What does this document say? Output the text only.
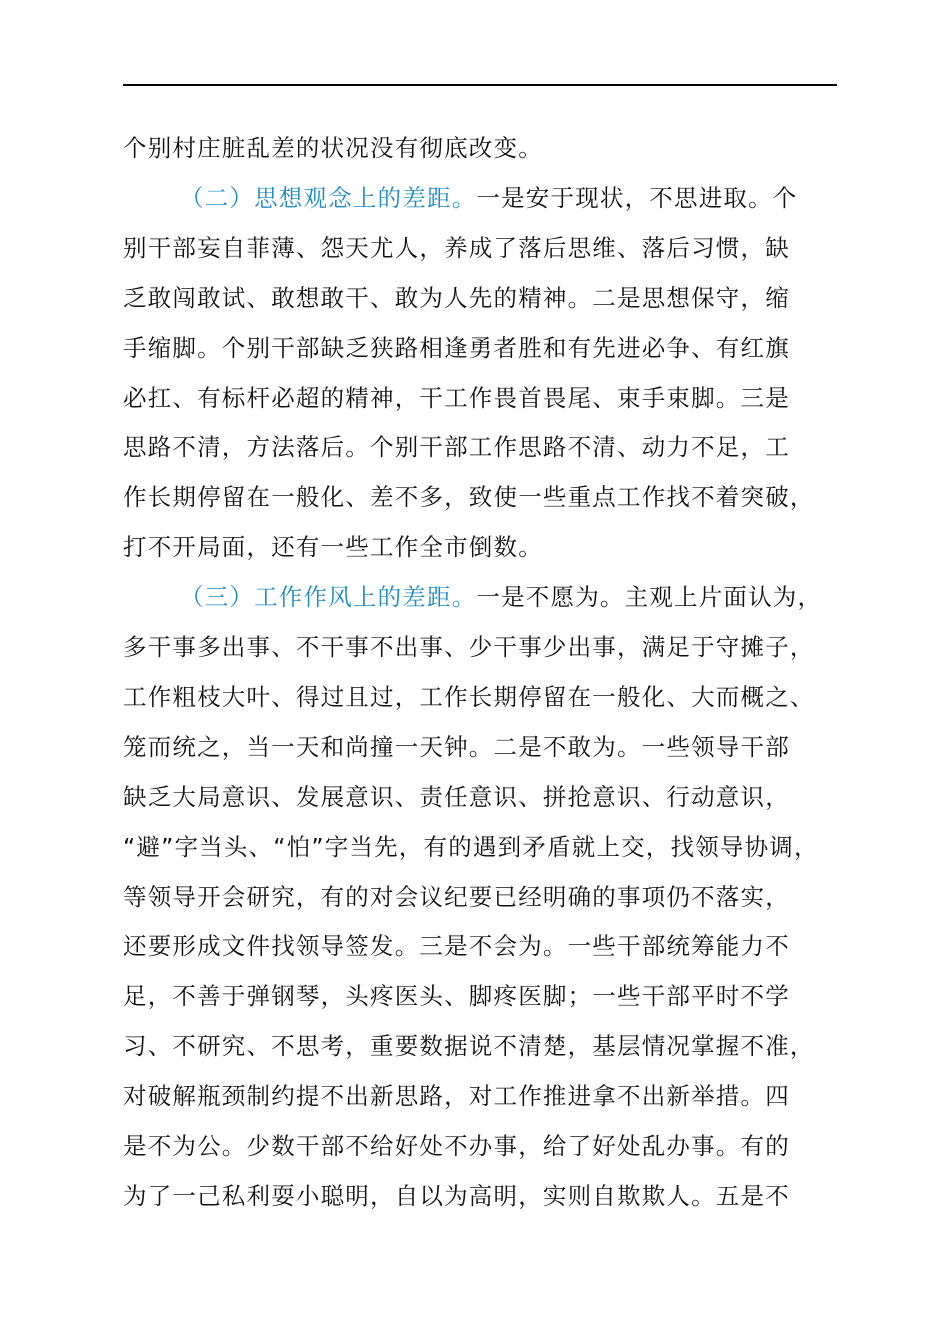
个别村庄脏乱差的状况没有彻底改变。
（二）思想观念上的差距。一是安于现状，不思进取。个
别干部妄自菲薄、怨天尤人，养成了落后思维、落后习惯，缺
乏敢闯敢试、敢想敢干、敢为人先的精神。二是思想保守，缩
手缩脚。个别干部缺乏狭路相逢勇者胜和有先进必争、有红旗
必扛、有标杆必超的精神，干工作畏首畏尾、束手束脚。三是
思路不清，方法落后。个别干部工作思路不清、动力不足，工
作长期停留在一般化、差不多，致使一些重点工作找不着突破，
打不开局面，还有一些工作全市倒数。
（三）工作作风上的差距。一是不愿为。主观上片面认为，
多干事多出事、不干事不出事、少干事少出事，满足于守摊子，
工作粗枝大叶、得过且过，工作长期停留在一般化、大而概之、
笼而统之，当一天和尚撞一天钟。二是不敢为。一些领导干部
缺乏大局意识、发展意识、责任意识、拼抢意识、行动意识，
“避”字当头、“怕”字当先，有的遇到矛盾就上交，找领导协调，
等领导开会研究，有的对会议纪要已经明确的事项仍不落实，
还要形成文件找领导签发。三是不会为。一些干部统筹能力不
足，不善于弹钢琴，头疼医头、脚疼医脚；一些干部平时不学
习、不研究、不思考，重要数据说不清楚，基层情况掌握不准，
对破解瓶颈制约提不出新思路，对工作推进拿不出新举措。四
是不为公。少数干部不给好处不办事，给了好处乱办事。有的
为了一己私利耍小聪明，自以为高明，实则自欺欺人。五是不
